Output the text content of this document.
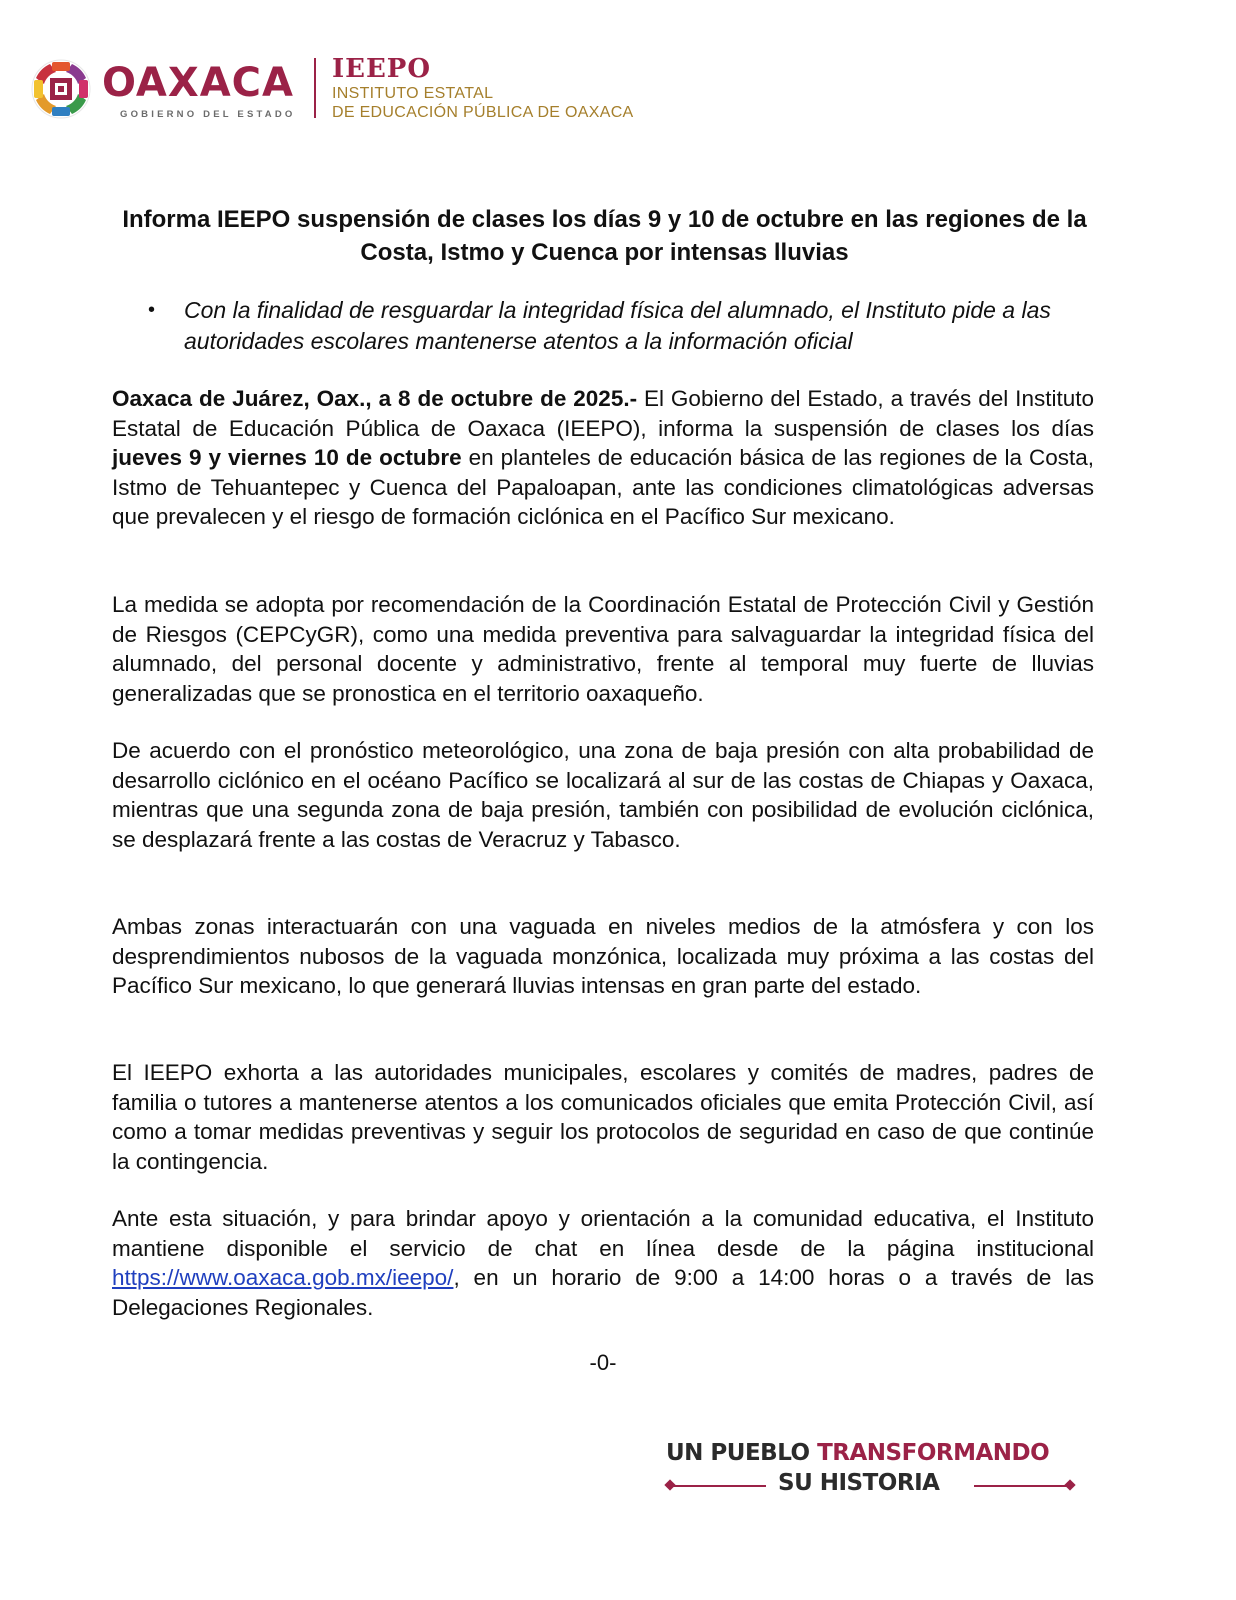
OAXACA
GOBIERNO DEL ESTADO
IEEPO
INSTITUTO ESTATAL
DE EDUCACIÓN PÚBLICA DE OAXACA
Informa IEEPO suspensión de clases los días 9 y 10 de octubre en las regiones de la Costa, Istmo y Cuenca por intensas lluvias
• Con la finalidad de resguardar la integridad física del alumnado, el Instituto pide a las autoridades escolares mantenerse atentos a la información oficial

Oaxaca de Juárez, Oax., a 8 de octubre de 2025.- El Gobierno del Estado, a través del Instituto Estatal de Educación Pública de Oaxaca (IEEPO), informa la suspensión de clases los días jueves 9 y viernes 10 de octubre en planteles de educación básica de las regiones de la Costa, Istmo de Tehuantepec y Cuenca del Papaloapan, ante las condiciones climatológicas adversas que prevalecen y el riesgo de formación ciclónica en el Pacífico Sur mexicano.

La medida se adopta por recomendación de la Coordinación Estatal de Protección Civil y Gestión de Riesgos (CEPCyGR), como una medida preventiva para salvaguardar la integridad física del alumnado, del personal docente y administrativo, frente al temporal muy fuerte de lluvias generalizadas que se pronostica en el territorio oaxaqueño.

De acuerdo con el pronóstico meteorológico, una zona de baja presión con alta probabilidad de desarrollo ciclónico en el océano Pacífico se localizará al sur de las costas de Chiapas y Oaxaca, mientras que una segunda zona de baja presión, también con posibilidad de evolución ciclónica, se desplazará frente a las costas de Veracruz y Tabasco.

Ambas zonas interactuarán con una vaguada en niveles medios de la atmósfera y con los desprendimientos nubosos de la vaguada monzónica, localizada muy próxima a las costas del Pacífico Sur mexicano, lo que generará lluvias intensas en gran parte del estado.

El IEEPO exhorta a las autoridades municipales, escolares y comités de madres, padres de familia o tutores a mantenerse atentos a los comunicados oficiales que emita Protección Civil, así como a tomar medidas preventivas y seguir los protocolos de seguridad en caso de que continúe la contingencia.

Ante esta situación, y para brindar apoyo y orientación a la comunidad educativa, el Instituto mantiene disponible el servicio de chat en línea desde de la página institucional https://www.oaxaca.gob.mx/ieepo/, en un horario de 9:00 a 14:00 horas o a través de las Delegaciones Regionales.

-0-
UN PUEBLO TRANSFORMANDO
SU HISTORIA
